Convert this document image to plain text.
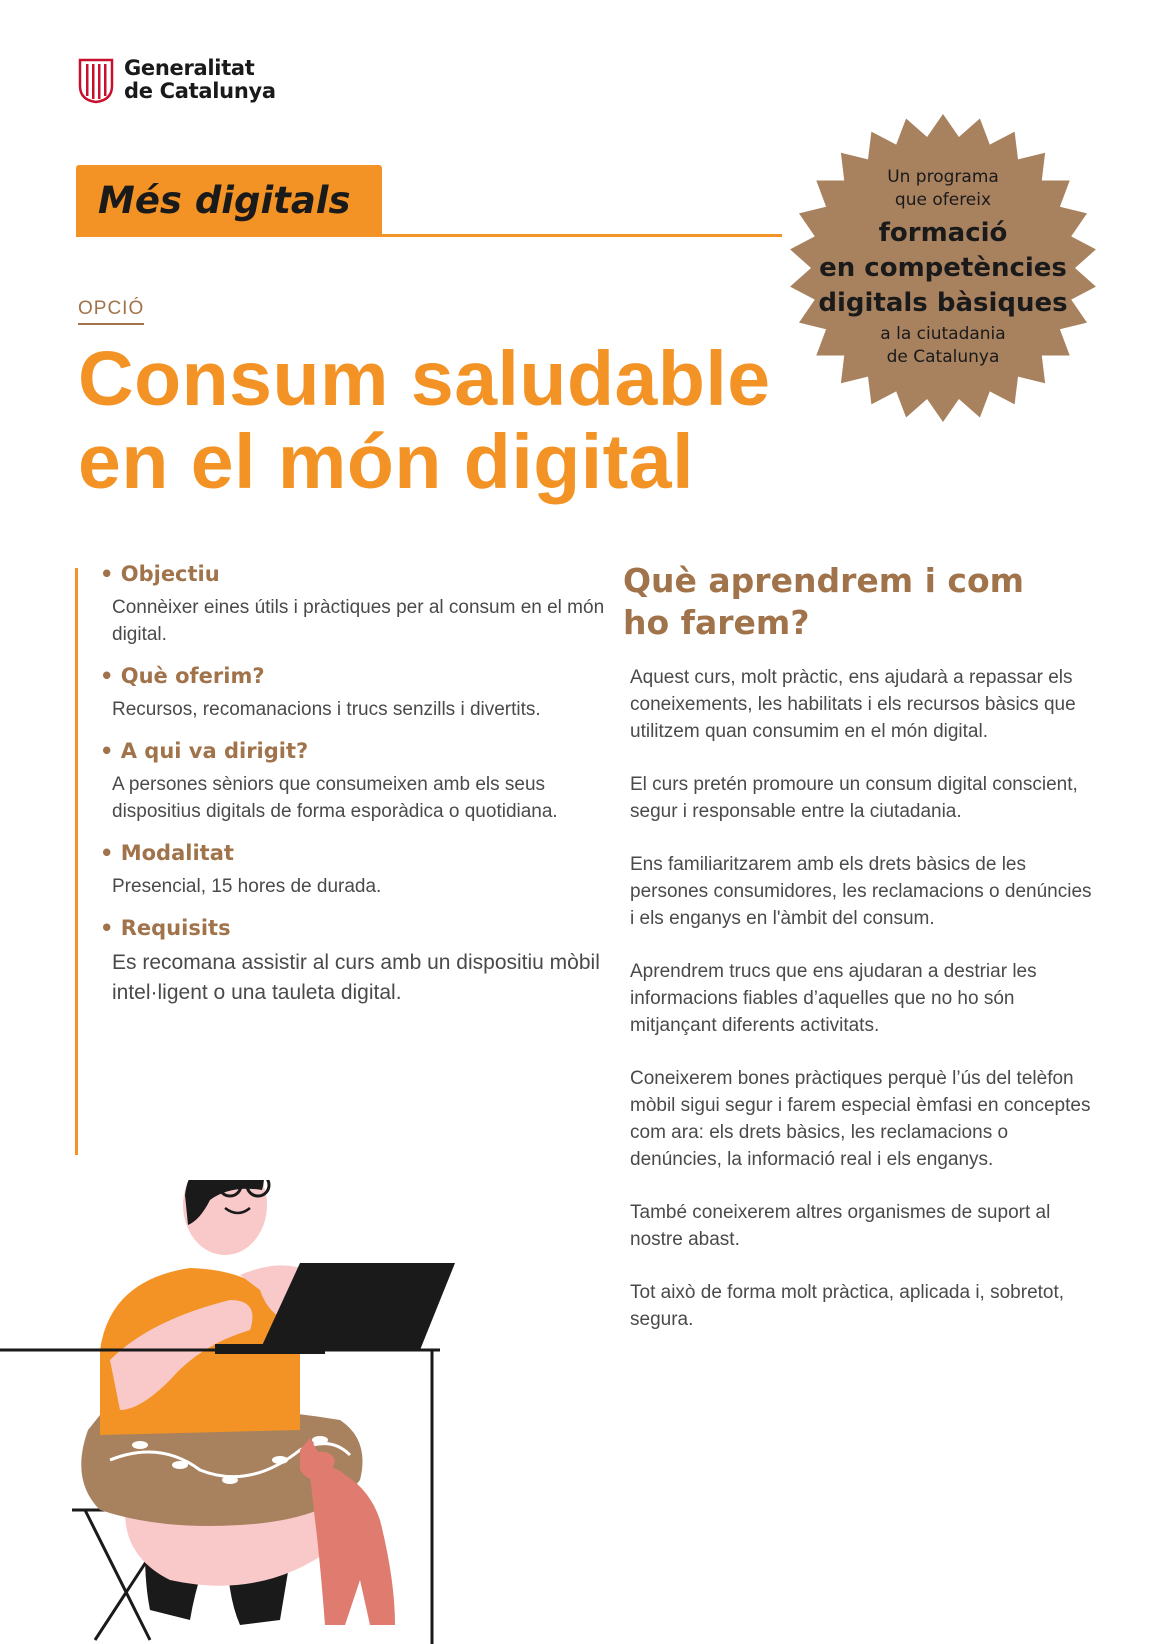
Generalitat
de Catalunya
Més digitals
Un programa
que ofereix
formació
en competències
digitals bàsiques
a la ciutadania
de Catalunya
OPCIÓ
Consum saludable
en el món digital
• Objectiu
Connèixer eines útils i pràctiques per al consum en el món digital.
• Què oferim?
Recursos, recomanacions i trucs senzills i divertits.
• A qui va dirigit?
A persones sèniors que consumeixen amb els seus dispositius digitals de forma esporàdica o quotidiana.
• Modalitat
Presencial, 15 hores de durada.
• Requisits
Es recomana assistir al curs amb un dispositiu mòbil intel·ligent o una tauleta digital.
Què aprendrem i com ho farem?

Aquest curs, molt pràctic, ens ajudarà a repassar els coneixements, les habilitats i els recursos bàsics que utilitzem quan consumim en el món digital.

El curs pretén promoure un consum digital conscient, segur i responsable entre la ciutadania.

Ens familiaritzarem amb els drets bàsics de les persones consumidores, les reclamacions o denúncies i els enganys en l'àmbit del consum.

Aprendrem trucs que ens ajudaran a destriar les informacions fiables d’aquelles que no ho són mitjançant diferents activitats.

Coneixerem bones pràctiques perquè l’ús del telèfon mòbil sigui segur i farem especial èmfasi en conceptes com ara: els drets bàsics, les reclamacions o denúncies, la informació real i els enganys.

També coneixerem altres organismes de suport al nostre abast.

Tot això de forma molt pràctica, aplicada i, sobretot, segura.
